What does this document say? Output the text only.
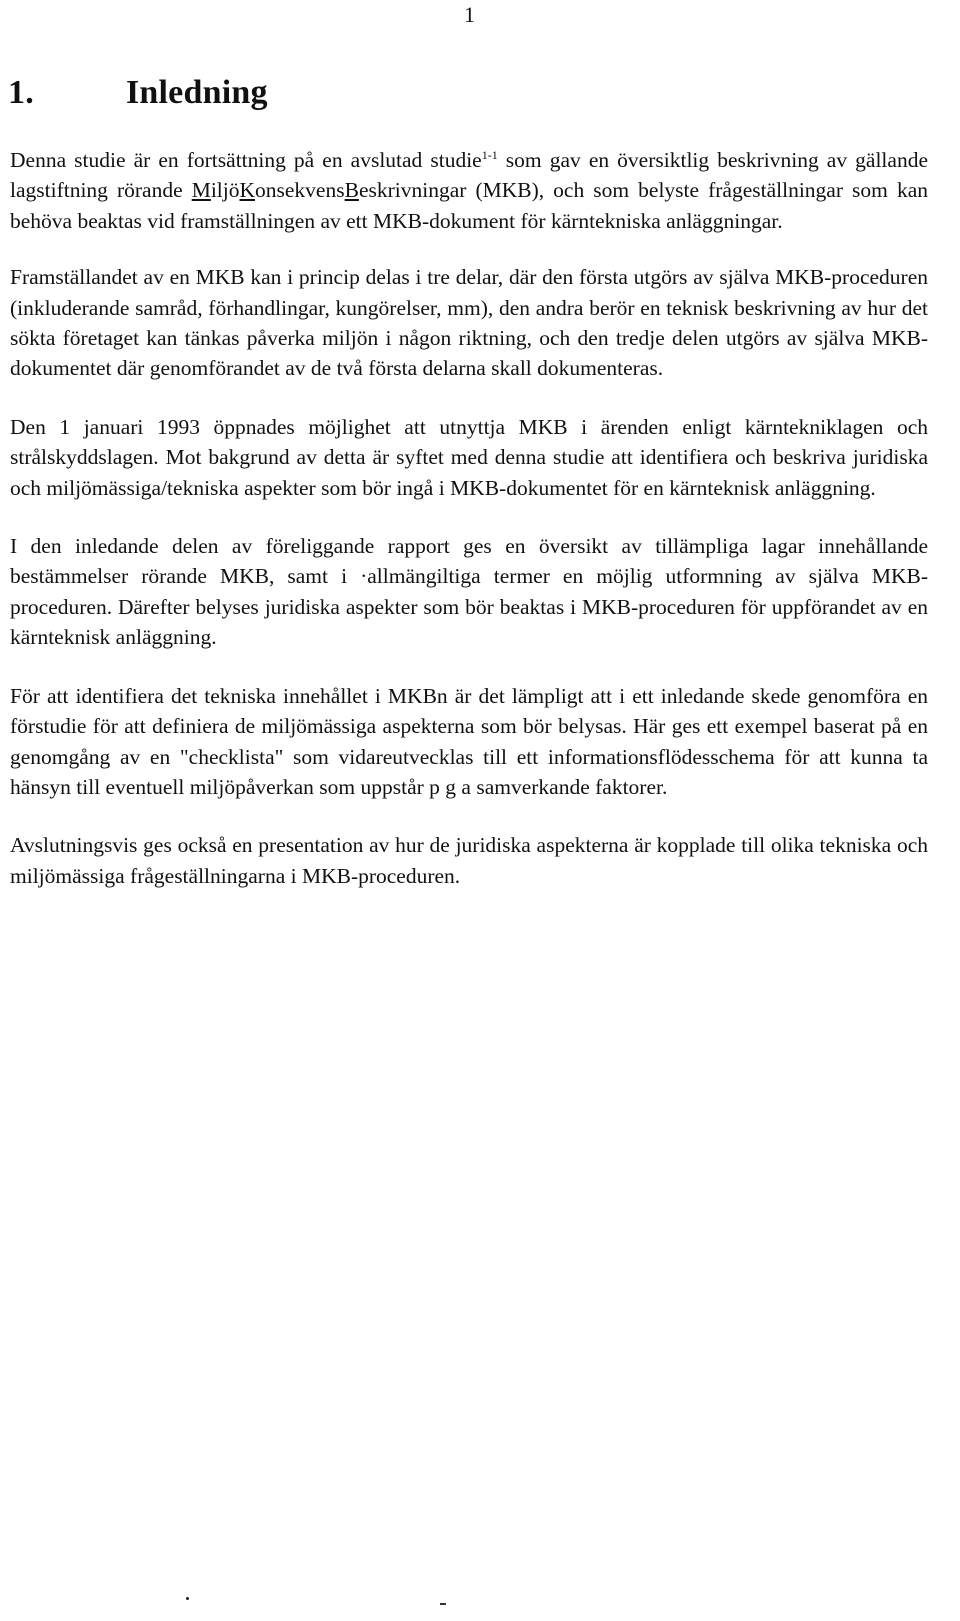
1
1.	Inledning

Denna studie är en fortsättning på en avslutad studie$^{1-1}$ som gav en översiktlig beskrivning av gällande lagstiftning rörande MiljöKonsekvensBeskrivningar (MKB), och som belyste frågeställningar som kan behöva beaktas vid framställningen av ett MKB-dokument för kärntekniska anläggningar.

Framställandet av en MKB kan i princip delas i tre delar, där den första utgörs av själva MKB-proceduren (inkluderande samråd, förhandlingar, kungörelser, mm), den andra berör en teknisk beskrivning av hur det sökta företaget kan tänkas påverka miljön i någon riktning, och den tredje delen utgörs av själva MKB-dokumentet där genomförandet av de två första delarna skall dokumenteras.

Den 1 januari 1993 öppnades möjlighet att utnyttja MKB i ärenden enligt kärntekniklagen och strålskyddslagen. Mot bakgrund av detta är syftet med denna studie att identifiera och beskriva juridiska och miljömässiga/tekniska aspekter som bör ingå i MKB-dokumentet för en kärnteknisk anläggning.

I den inledande delen av föreliggande rapport ges en översikt av tillämpliga lagar innehållande bestämmelser rörande MKB, samt i ·allmängiltiga termer en möjlig utformning av själva MKB-proceduren. Därefter belyses juridiska aspekter som bör beaktas i MKB-proceduren för uppförandet av en kärnteknisk anläggning.

För att identifiera det tekniska innehållet i MKBn är det lämpligt att i ett inledande skede genomföra en förstudie för att definiera de miljömässiga aspekterna som bör belysas. Här ges ett exempel baserat på en genomgång av en "checklista" som vidareutvecklas till ett informationsflödesschema för att kunna ta hänsyn till eventuell miljöpåverkan som uppstår p g a samverkande faktorer.

Avslutningsvis ges också en presentation av hur de juridiska aspekterna är kopplade till olika tekniska och miljömässiga frågeställningarna i MKB-proceduren.
